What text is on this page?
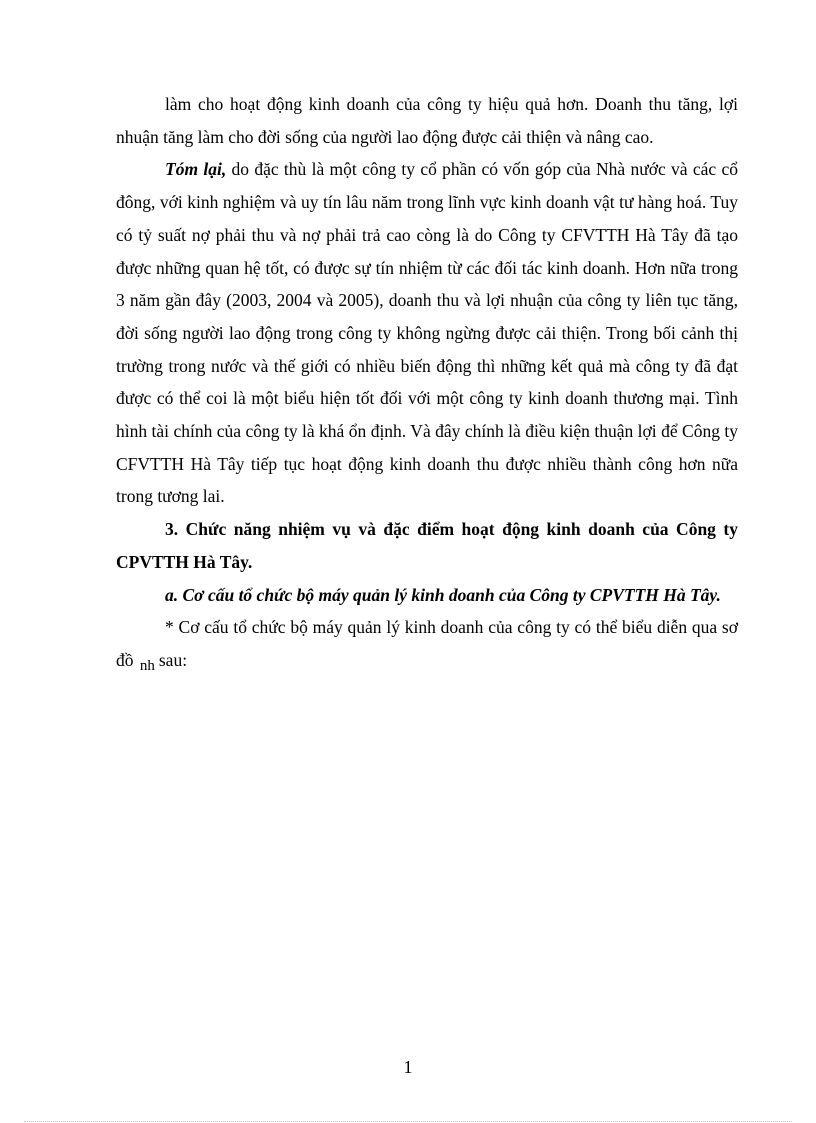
làm cho hoạt động kinh doanh của công ty hiệu quả hơn. Doanh thu tăng, lợi nhuận tăng làm cho đời sống của người lao động được cải thiện và nâng cao.

Tóm lại, do đặc thù là một công ty cổ phần có vốn góp của Nhà nước và các cổ đông, với kinh nghiệm và uy tín lâu năm trong lĩnh vực kinh doanh vật tư hàng hoá. Tuy có tỷ suất nợ phải thu và nợ phải trả cao còng là do Công ty CFVTTH Hà Tây đã tạo được những quan hệ tốt, có được sự tín nhiệm từ các đối tác kinh doanh. Hơn nữa trong 3 năm gần đây (2003, 2004 và 2005), doanh thu và lợi nhuận của công ty liên tục tăng, đời sống người lao động trong công ty không ngừng được cải thiện. Trong bối cảnh thị trường trong nước và thế giới có nhiều biến động thì những kết quả mà công ty đã đạt được có thể coi là một biểu hiện tốt đối với một công ty kinh doanh thương mại. Tình hình tài chính của công ty là khá ổn định. Và đây chính là điều kiện thuận lợi để Công ty CFVTTH Hà Tây tiếp tục hoạt động kinh doanh thu được nhiều thành công hơn nữa trong tương lai.

3. Chức năng nhiệm vụ và đặc điểm hoạt động kinh doanh của Công ty CPVTTH Hà Tây.

a. Cơ cấu tổ chức bộ máy quản lý kinh doanh của Công ty CPVTTH Hà Tây.

* Cơ cấu tổ chức bộ máy quản lý kinh doanh của công ty có thể biểu diễn qua sơ đồ nh sau:

1
